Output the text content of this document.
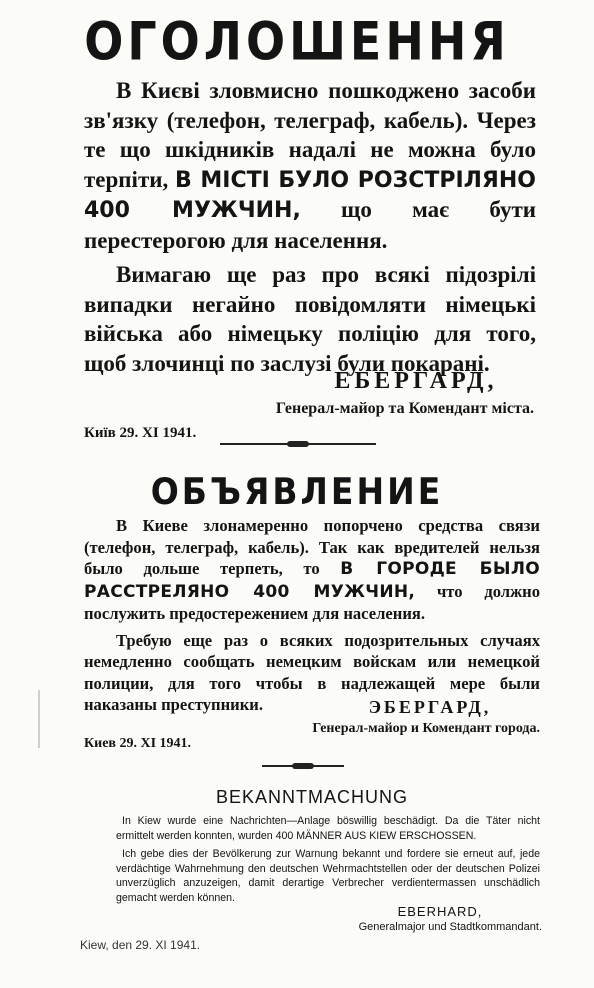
ОГОЛОШЕННЯ

В Києві зловмисно пошкоджено засоби зв'язку (телефон, телеграф, кабель). Через те що шкідників надалі не можна було терпіти, В МІСТІ БУЛО РОЗСТРІЛЯНО 400 МУЖЧИН, що має бути перестерогою для населення.

Вимагаю ще раз про всякі підозрілі випадки негайно повідомляти німецькі війська або німецьку поліцію для того, щоб злочинці по заслузі були покарані.

ЕБЕРГАРД,
Генерал-майор та Комендант міста.
Київ 29. XI 1941.
ОБЪЯВЛЕНИЕ

В Киеве злонамеренно попорчено средства связи (телефон, телеграф, кабель). Так как вредителей нельзя было дольше терпеть, то В ГОРОДЕ БЫЛО РАССТРЕЛЯНО 400 МУЖЧИН, что должно послужить предостережением для населения.

Требую еще раз о всяких подозрительных случаях немедленно сообщать немецким войскам или немецкой полиции, для того чтобы в надлежащей мере были наказаны преступники.	ЭБЕРГАРД,
Генерал-майор и Комендант города.
Киев 29. XI 1941.
BEKANNTMACHUNG

In Kiew wurde eine Nachrichten—Anlage böswillig beschädigt. Da die Täter nicht ermittelt werden konnten, wurden 400 MÄNNER AUS KIEW ERSCHOSSEN.

Ich gebe dies der Bevölkerung zur Warnung bekannt und fordere sie erneut auf, jede verdächtige Wahrnehmung den deutschen Wehrmachtstellen oder der deutschen Polizei unverzüglich anzuzeigen, damit derartige Verbrecher verdientermassen unschädlich gemacht werden können.

EBERHARD,
Generalmajor und Stadtkommandant.
Kiew, den 29. XI 1941.
